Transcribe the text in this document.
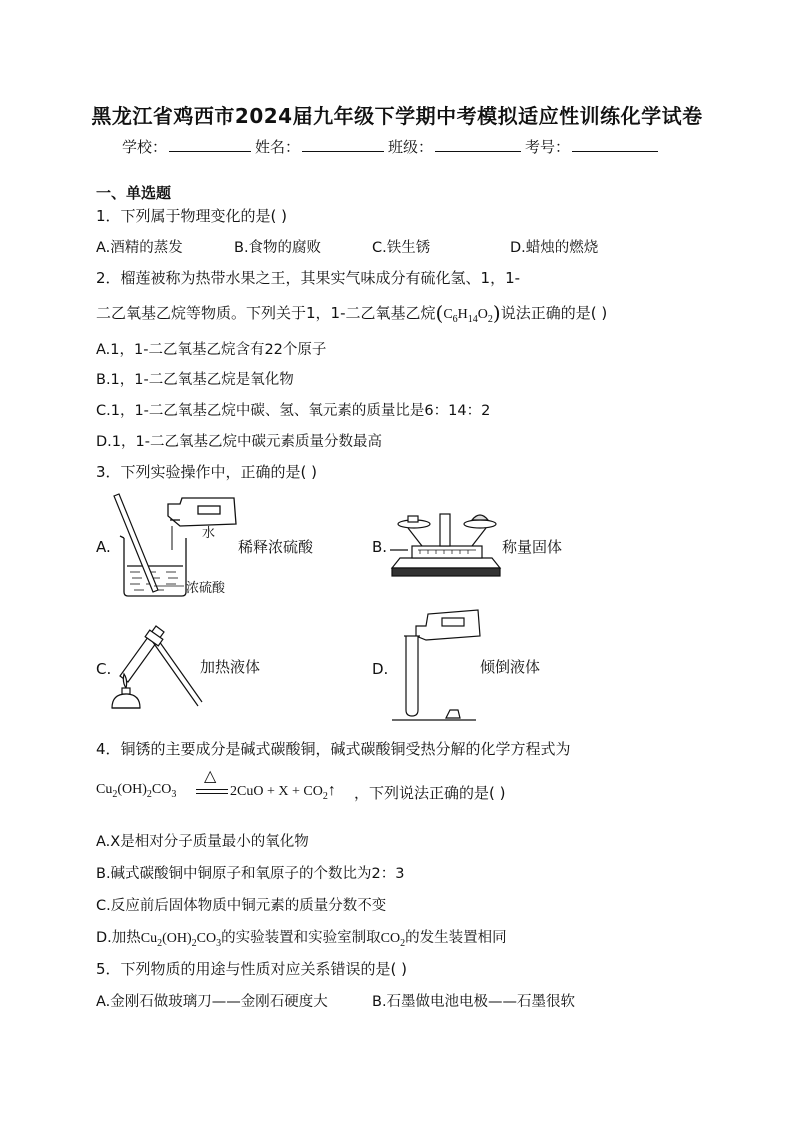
黑龙江省鸡西市2024届九年级下学期中考模拟适应性训练化学试卷
学校：	姓名：	班级：	考号：
一、单选题
1．下列属于物理变化的是( )
A.酒精的蒸发	B.食物的腐败	C.铁生锈	D.蜡烛的燃烧
2．榴莲被称为热带水果之王，其果实气味成分有硫化氢、1，1-
二乙氧基乙烷等物质。下列关于1，1-二乙氧基乙烷$(C_6H_{14}O_2)$说法正确的是( )
A.1，1-二乙氧基乙烷含有22个原子
B.1，1-二乙氧基乙烷是氧化物
C.1，1-二乙氧基乙烷中碳、氢、氧元素的质量比是6：14：2
D.1，1-二乙氧基乙烷中碳元素质量分数最高
3．下列实验操作中，正确的是( )
A.
水
浓硫酸
稀释浓硫酸	B.	称量固体
C.	加热液体	D.	倾倒液体
4．铜锈的主要成分是碱式碳酸铜，碱式碳酸铜受热分解的化学方程式为
$Cu_2(OH)_2CO_3$
△
$2CuO + X + CO_2↑$ ，下列说法正确的是( )
A.X是相对分子质量最小的氧化物
B.碱式碳酸铜中铜原子和氧原子的个数比为2：3
C.反应前后固体物质中铜元素的质量分数不变
D.加热$Cu_2(OH)_2CO_3$的实验装置和实验室制取$CO_2$的发生装置相同
5．下列物质的用途与性质对应关系错误的是( )
A.金刚石做玻璃刀——金刚石硬度大	B.石墨做电池电极——石墨很软
